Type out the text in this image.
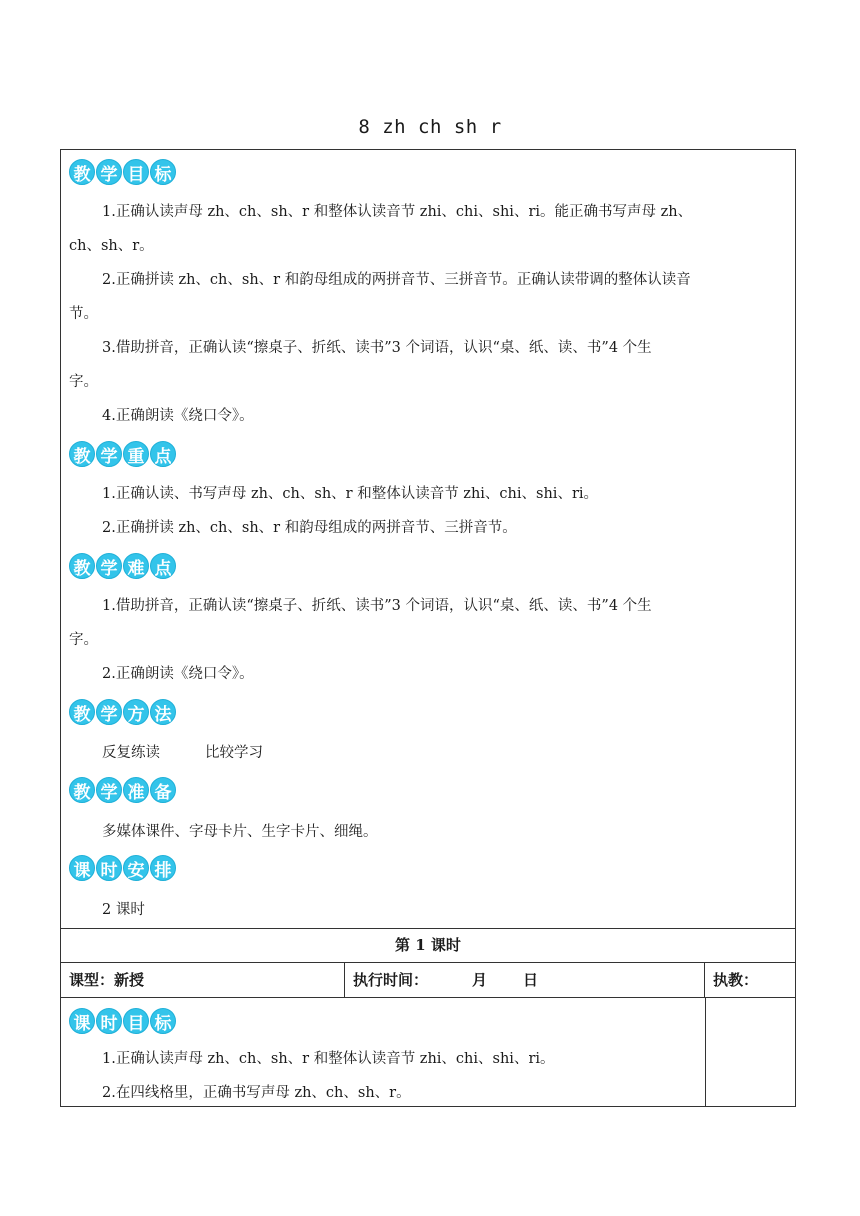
8 zh ch sh r
教 学 目 标
1.正确认读声母 zh、ch、sh、r 和整体认读音节 zhi、chi、shi、ri。能正确书写声母 zh、
ch、sh、r。
2.正确拼读 zh、ch、sh、r 和韵母组成的两拼音节、三拼音节。正确认读带调的整体认读音
节。
3.借助拼音，正确认读“擦桌子、折纸、读书”3 个词语，认识“桌、纸、读、书”4 个生
字。
4.正确朗读《绕口令》。
教 学 重 点
1.正确认读、书写声母 zh、ch、sh、r 和整体认读音节 zhi、chi、shi、ri。
2.正确拼读 zh、ch、sh、r 和韵母组成的两拼音节、三拼音节。
教 学 难 点
1.借助拼音，正确认读“擦桌子、折纸、读书”3 个词语，认识“桌、纸、读、书”4 个生
字。
2.正确朗读《绕口令》。
教 学 方 法
反复练读	比较学习
教 学 准 备
多媒体课件、字母卡片、生字卡片、细绳。
课 时 安 排
2 课时
第 1 课时
课型：新授	执行时间：	月 日	执教：
课 时 目 标
1.正确认读声母 zh、ch、sh、r 和整体认读音节 zhi、chi、shi、ri。
2.在四线格里，正确书写声母 zh、ch、sh、r。
